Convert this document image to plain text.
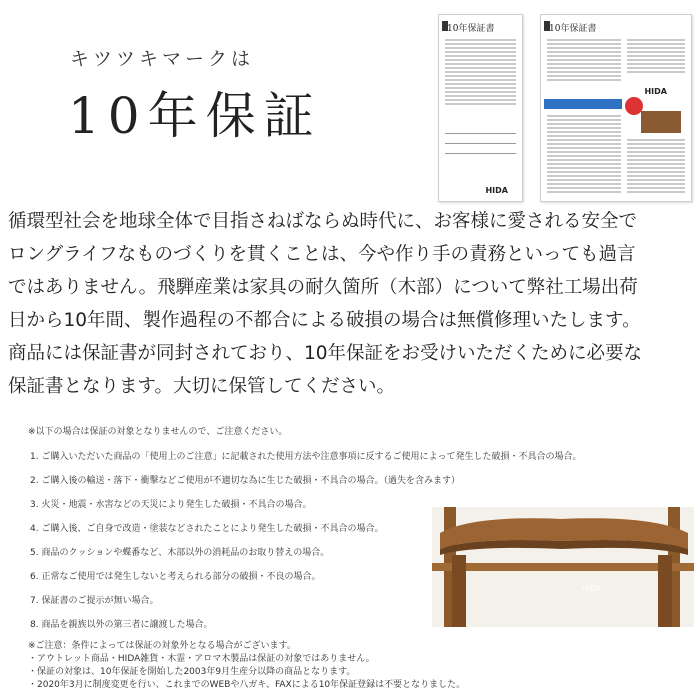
キツツキマークは
10年保証
10年保証書
HIDA
10年保証書
HIDA

循環型社会を地球全体で目指さねばならぬ時代に、お客様に愛される安全で

ロングライフなものづくりを貫くことは、今や作り手の責務といっても過言

ではありません。飛騨産業は家具の耐久箇所（木部）について弊社工場出荷

日から10年間、製作過程の不都合による破損の場合は無償修理いたします。

商品には保証書が同封されており、10年保証をお受けいただくために必要な

保証書となります。大切に保管してください。

※以下の場合は保証の対象となりませんので、ご注意ください。
1. ご購入いただいた商品の「使用上のご注意」に記載された使用方法や注意事項に反するご使用によって発生した破損・不具合の場合。
2. ご購入後の輸送・落下・衝撃などご使用が不適切な為に生じた破損・不具合の場合。（過失を含みます）
3. 火災・地震・水害などの天災により発生した破損・不具合の場合。
4. ご購入後、ご自身で改造・塗装などされたことにより発生した破損・不具合の場合。
5. 商品のクッションや蝶番など、木部以外の消耗品のお取り替えの場合。
6. 正常なご使用では発生しないと考えられる部分の破損・不良の場合。
7. 保証書のご提示が無い場合。
8. 商品を親族以外の第三者に譲渡した場合。
HIDA
※ご注意：条件によっては保証の対象外となる場合がございます。
・アウトレット商品・HIDA雑貨・木霊・アロマ木製品は保証の対象ではありません。
・保証の対象は、10年保証を開始した2003年9月生産分以降の商品となります。
・2020年3月に制度変更を行い、これまでのWEBや八ガキ、FAXによる10年保証登録は不要となりました。
